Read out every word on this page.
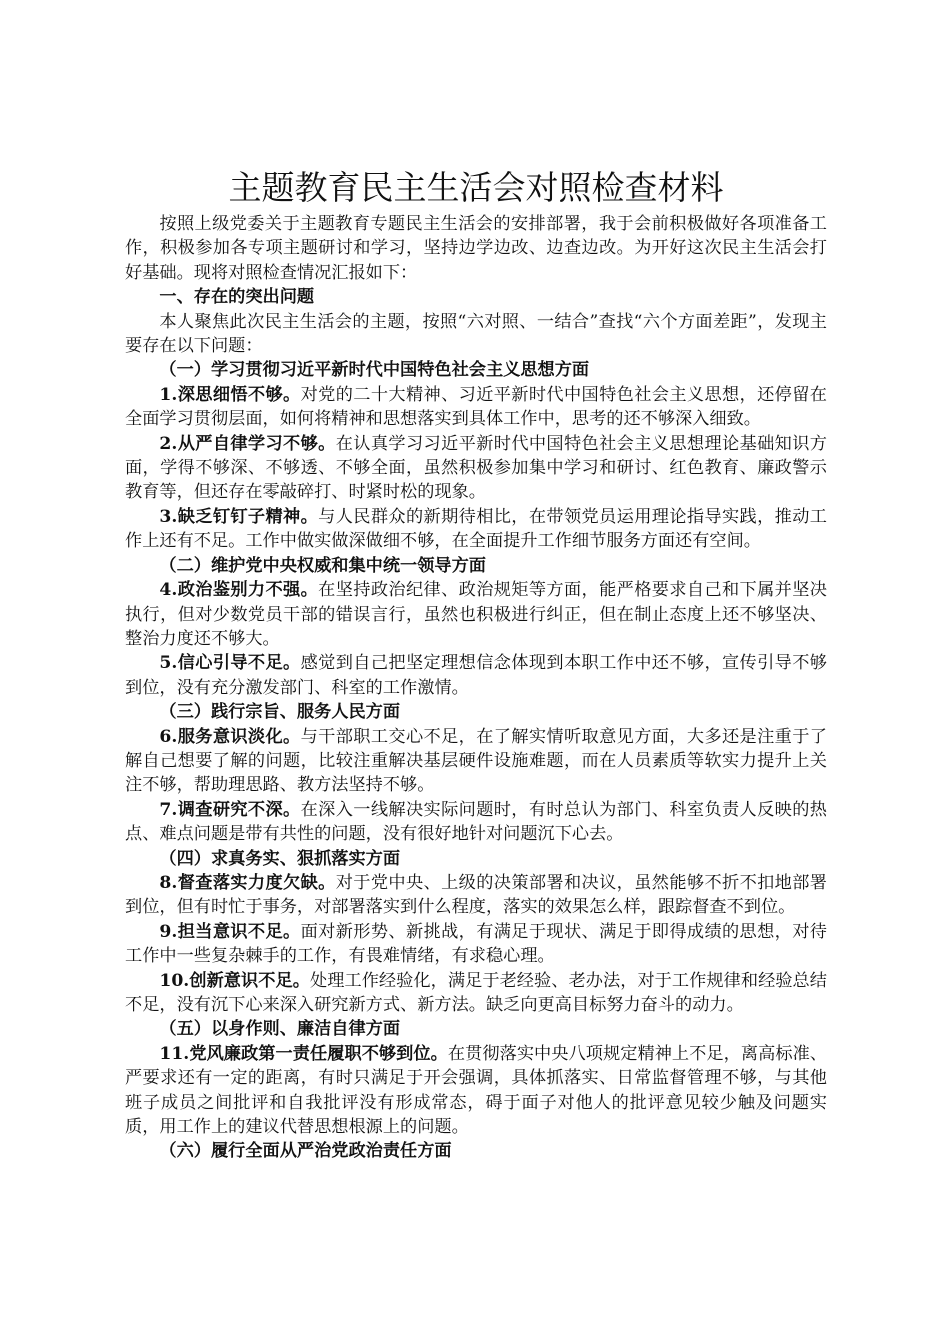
主题教育民主生活会对照检查材料

按照上级党委关于主题教育专题民主生活会的安排部署，我于会前积极做好各项准备工作，积极参加各专项主题研讨和学习，坚持边学边改、边查边改。为开好这次民主生活会打好基础。现将对照检查情况汇报如下：

一、存在的突出问题

本人聚焦此次民主生活会的主题，按照“六对照、一结合”查找“六个方面差距”，发现主要存在以下问题：

（一）学习贯彻习近平新时代中国特色社会主义思想方面

1.深思细悟不够。对党的二十大精神、习近平新时代中国特色社会主义思想，还停留在全面学习贯彻层面，如何将精神和思想落实到具体工作中，思考的还不够深入细致。

2.从严自律学习不够。在认真学习习近平新时代中国特色社会主义思想理论基础知识方面，学得不够深、不够透、不够全面，虽然积极参加集中学习和研讨、红色教育、廉政警示教育等，但还存在零敲碎打、时紧时松的现象。

3.缺乏钉钉子精神。与人民群众的新期待相比，在带领党员运用理论指导实践，推动工作上还有不足。工作中做实做深做细不够，在全面提升工作细节服务方面还有空间。

（二）维护党中央权威和集中统一领导方面

4.政治鉴别力不强。在坚持政治纪律、政治规矩等方面，能严格要求自己和下属并坚决执行，但对少数党员干部的错误言行，虽然也积极进行纠正，但在制止态度上还不够坚决、整治力度还不够大。

5.信心引导不足。感觉到自己把坚定理想信念体现到本职工作中还不够，宣传引导不够到位，没有充分激发部门、科室的工作激情。

（三）践行宗旨、服务人民方面

6.服务意识淡化。与干部职工交心不足，在了解实情听取意见方面，大多还是注重于了解自己想要了解的问题，比较注重解决基层硬件设施难题，而在人员素质等软实力提升上关注不够，帮助理思路、教方法坚持不够。

7.调查研究不深。在深入一线解决实际问题时，有时总认为部门、科室负责人反映的热点、难点问题是带有共性的问题，没有很好地针对问题沉下心去。

（四）求真务实、狠抓落实方面

8.督查落实力度欠缺。对于党中央、上级的决策部署和决议，虽然能够不折不扣地部署到位，但有时忙于事务，对部署落实到什么程度，落实的效果怎么样，跟踪督查不到位。

9.担当意识不足。面对新形势、新挑战，有满足于现状、满足于即得成绩的思想，对待工作中一些复杂棘手的工作，有畏难情绪，有求稳心理。

10.创新意识不足。处理工作经验化，满足于老经验、老办法，对于工作规律和经验总结不足，没有沉下心来深入研究新方式、新方法。缺乏向更高目标努力奋斗的动力。

（五）以身作则、廉洁自律方面

11.党风廉政第一责任履职不够到位。在贯彻落实中央八项规定精神上不足，离高标准、严要求还有一定的距离，有时只满足于开会强调，具体抓落实、日常监督管理不够，与其他班子成员之间批评和自我批评没有形成常态，碍于面子对他人的批评意见较少触及问题实质，用工作上的建议代替思想根源上的问题。

（六）履行全面从严治党政治责任方面
